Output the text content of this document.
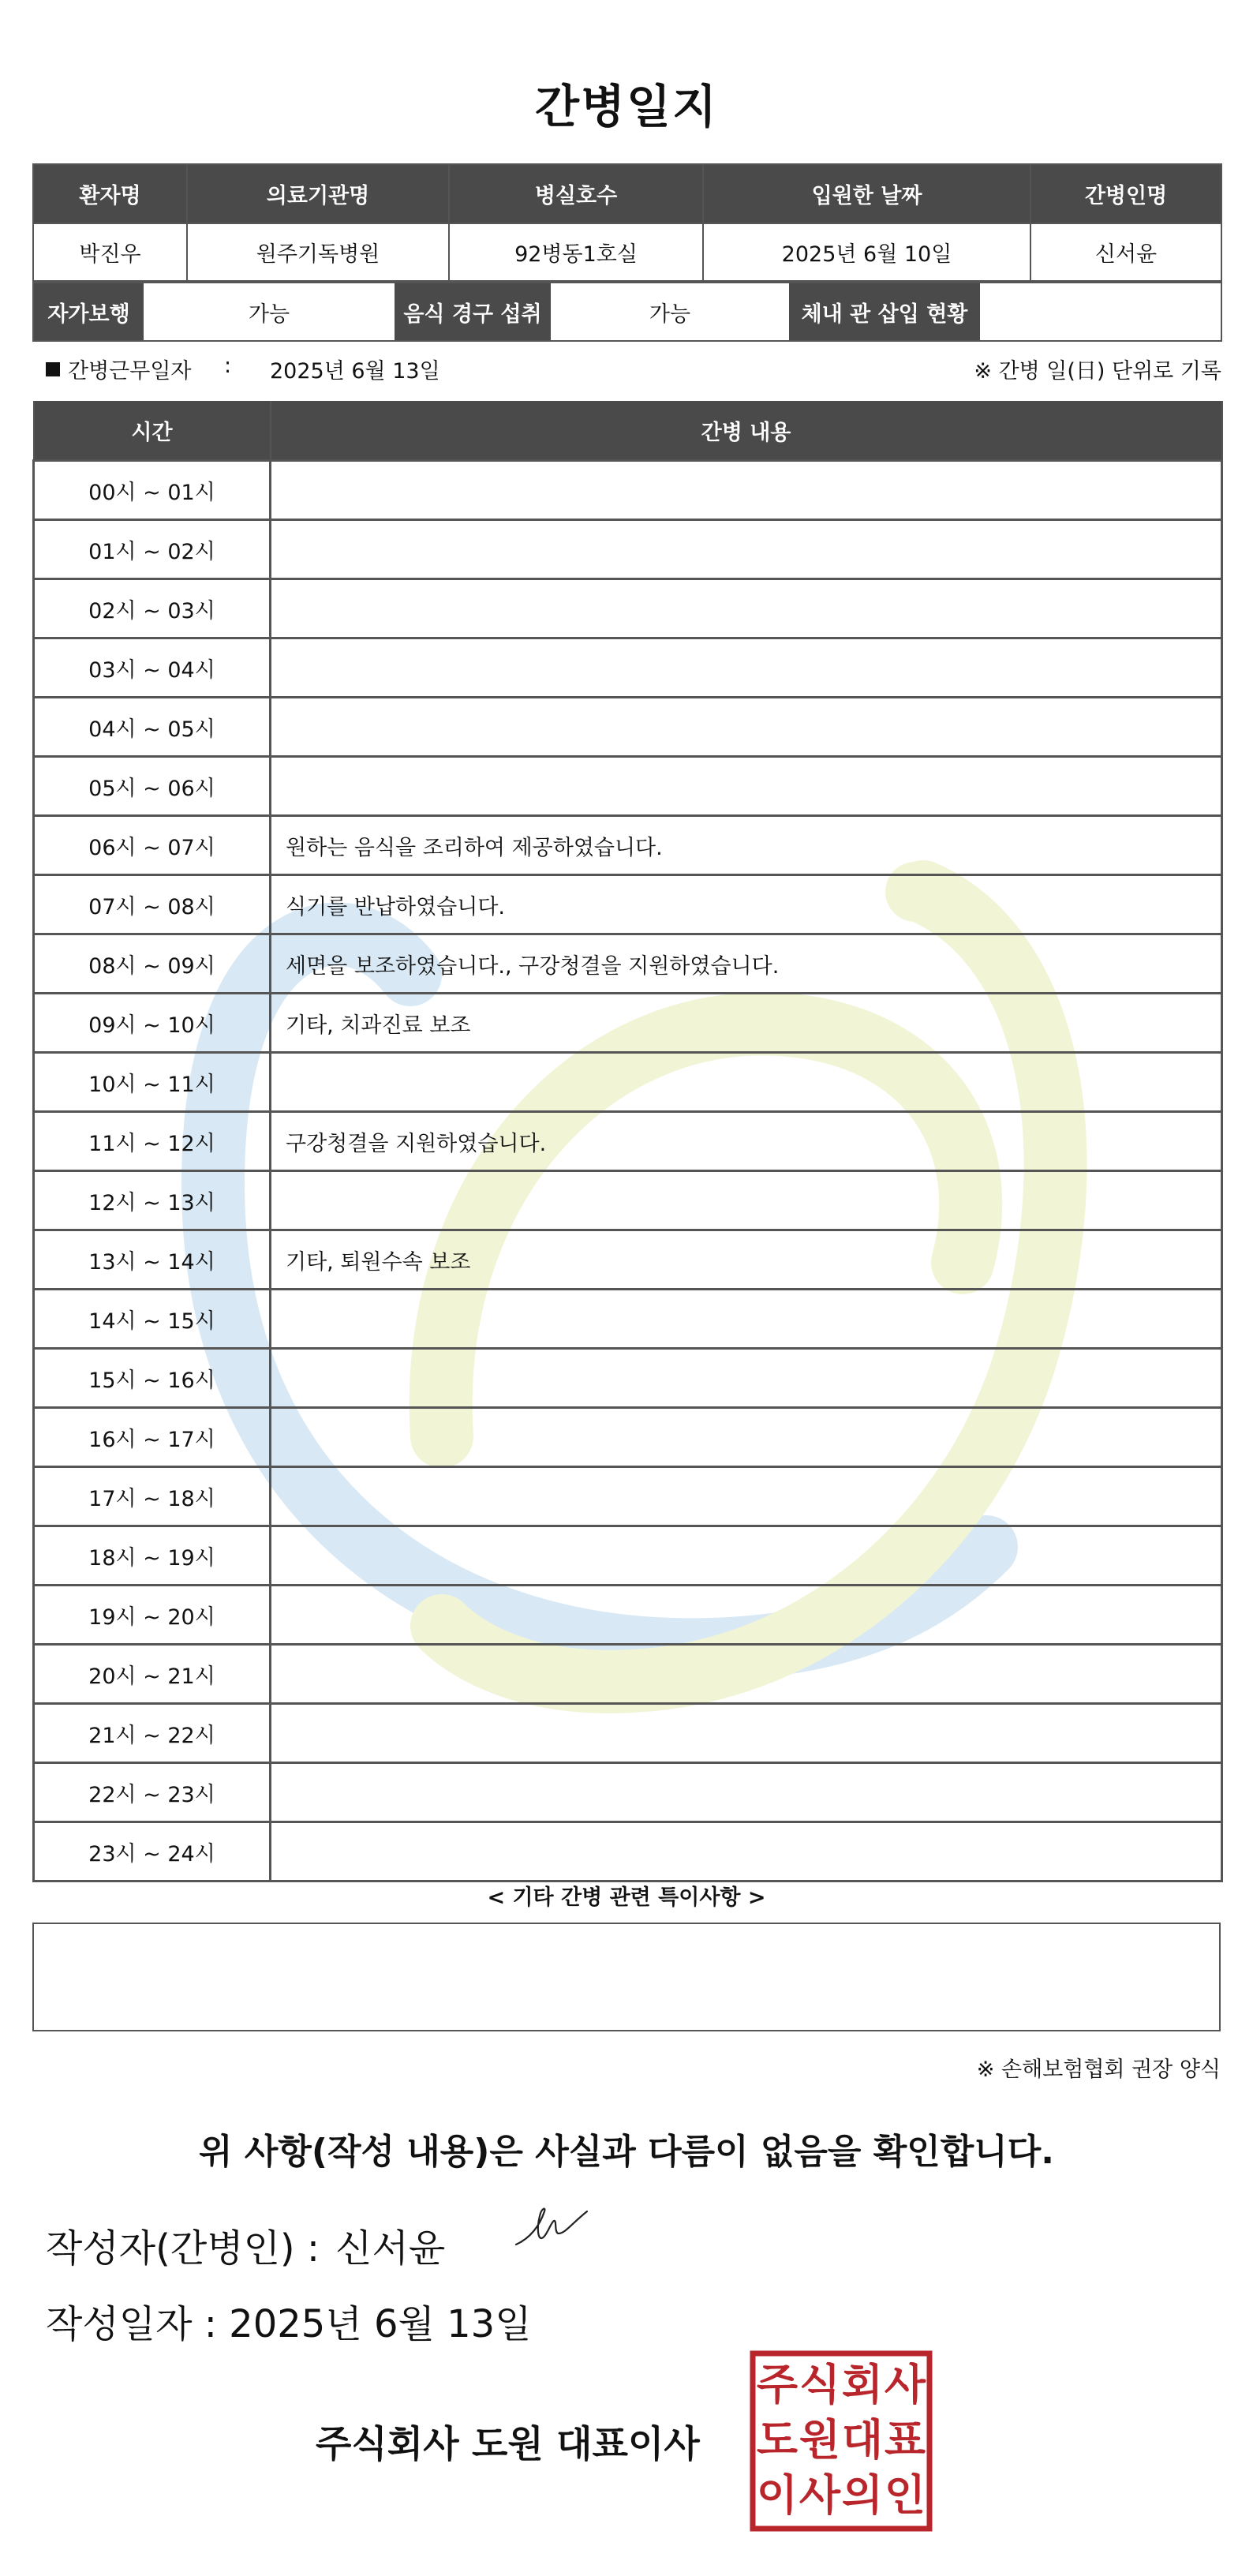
간병일지
환자명	의료기관명	병실호수	입원한 날짜	간병인명
박진우	원주기독병원	92병동1호실	2025년 6월 10일	신서윤
자가보행	가능	음식 경구 섭취	가능	체내 관 삽입 현황	
간병근무일자 : 2025년 6월 13일	※ 간병 일(日) 단위로 기록
시간	간병 내용
00시 ~ 01시	
01시 ~ 02시	
02시 ~ 03시	
03시 ~ 04시	
04시 ~ 05시	
05시 ~ 06시	
06시 ~ 07시	원하는 음식을 조리하여 제공하였습니다.
07시 ~ 08시	식기를 반납하였습니다.
08시 ~ 09시	세면을 보조하였습니다., 구강청결을 지원하였습니다.
09시 ~ 10시	기타, 치과진료 보조
10시 ~ 11시	
11시 ~ 12시	구강청결을 지원하였습니다.
12시 ~ 13시	
13시 ~ 14시	기타, 퇴원수속 보조
14시 ~ 15시	
15시 ~ 16시	
16시 ~ 17시	
17시 ~ 18시	
18시 ~ 19시	
19시 ~ 20시	
20시 ~ 21시	
21시 ~ 22시	
22시 ~ 23시	
23시 ~ 24시	
< 기타 간병 관련 특이사항 >
※ 손해보험협회 권장 양식
위 사항(작성 내용)은 사실과 다름이 없음을 확인합니다.
작성자(간병인) : 신서윤
작성일자 : 2025년 6월 13일
주식회사 도원 대표이사
주 식 회 사
도 원 대 표
이 사 의 인
